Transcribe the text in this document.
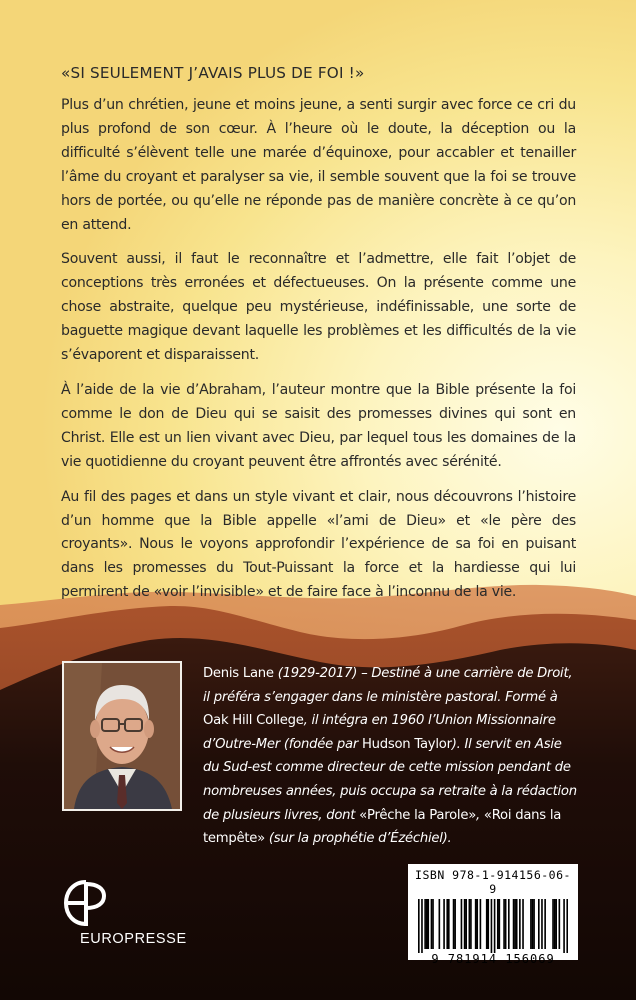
«SI SEULEMENT J’AVAIS PLUS DE FOI !»

Plus d’un chrétien, jeune et moins jeune, a senti surgir avec force ce cri du plus profond de son cœur. À l’heure où le doute, la déception ou la difficulté s’élèvent telle une marée d’équinoxe, pour accabler et tenailler l’âme du croyant et paralyser sa vie, il semble souvent que la foi se trouve hors de portée, ou qu’elle ne réponde pas de manière concrète à ce qu’on en attend.

Souvent aussi, il faut le reconnaître et l’admettre, elle fait l’objet de conceptions très erronées et défectueuses. On la présente comme une chose abstraite, quelque peu mystérieuse, indéfinissable, une sorte de baguette magique devant laquelle les problèmes et les difficultés de la vie s’évaporent et disparaissent.

À l’aide de la vie d’Abraham, l’auteur montre que la Bible présente la foi comme le don de Dieu qui se saisit des promesses divines qui sont en Christ. Elle est un lien vivant avec Dieu, par lequel tous les domaines de la vie quotidienne du croyant peuvent être affrontés avec sérénité.

Au fil des pages et dans un style vivant et clair, nous découvrons l’histoire d’un homme que la Bible appelle «l’ami de Dieu» et «le père des croyants». Nous le voyons approfondir l’expérience de sa foi en puisant dans les promesses du Tout-Puissant la force et la hardiesse qui lui permirent de «voir l’invisible» et de faire face à l’inconnu de la vie.

Denis Lane (1929-2017) – Destiné à une carrière de Droit, il préféra s’engager dans le ministère pastoral. Formé à Oak Hill College, il intégra en 1960 l’Union Missionnaire d’Outre-Mer (fondée par Hudson Taylor). Il servit en Asie du Sud-est comme directeur de cette mission pendant de nombreuses années, puis occupa sa retraite à la rédaction de plusieurs livres, dont «Prêche la Parole», «Roi dans la tempête» (sur la prophétie d’Ézéchiel).
ISBN 978-1-914156-06-9
9 781914 156069
EUROPRESSE
